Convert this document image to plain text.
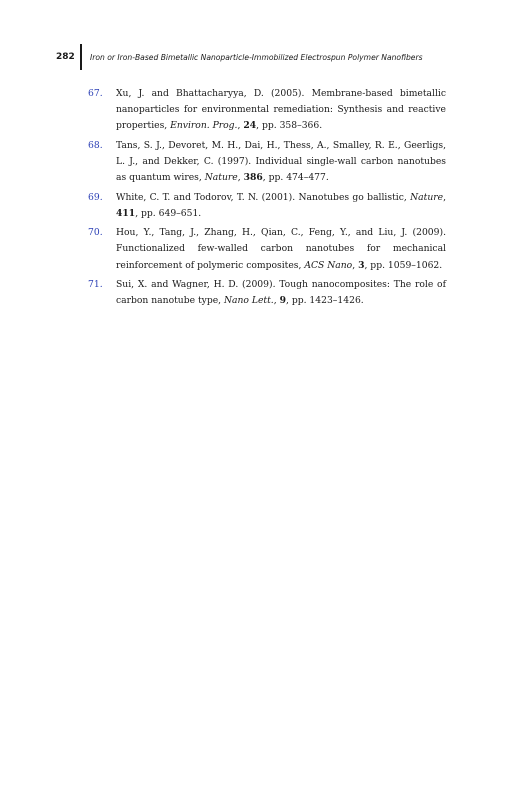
282 Iron or Iron-Based Bimetallic Nanoparticle-Immobilized Electrospun Polymer Nanofibers
67. Xu, J. and Bhattacharyya, D. (2005). Membrane-based bimetallic nanoparticles for environmental remediation: Synthesis and reactive properties, Environ. Prog., 24, pp. 358–366.
68. Tans, S. J., Devoret, M. H., Dai, H., Thess, A., Smalley, R. E., Geerligs, L. J., and Dekker, C. (1997). Individual single-wall carbon nanotubes as quantum wires, Nature, 386, pp. 474–477.
69. White, C. T. and Todorov, T. N. (2001). Nanotubes go ballistic, Nature, 411, pp. 649–651.
70. Hou, Y., Tang, J., Zhang, H., Qian, C., Feng, Y., and Liu, J. (2009). Functionalized few-walled carbon nanotubes for mechanical reinforcement of polymeric composites, ACS Nano, 3, pp. 1059–1062.
71. Sui, X. and Wagner, H. D. (2009). Tough nanocomposites: The role of carbon nanotube type, Nano Lett., 9, pp. 1423–1426.
